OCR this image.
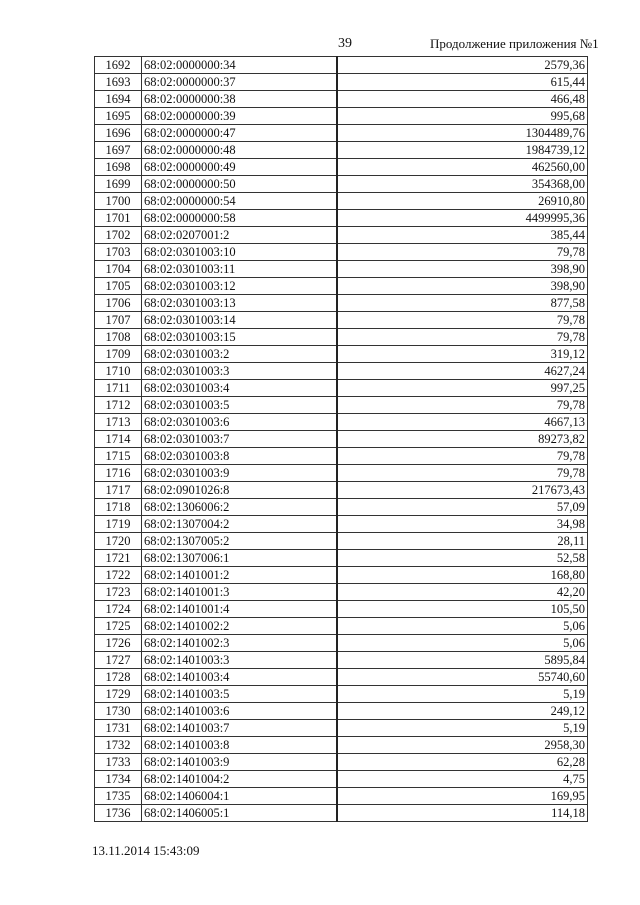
39	Продолжение приложения №1
1692	68:02:0000000:34	2579,36
1693	68:02:0000000:37	615,44
1694	68:02:0000000:38	466,48
1695	68:02:0000000:39	995,68
1696	68:02:0000000:47	1304489,76
1697	68:02:0000000:48	1984739,12
1698	68:02:0000000:49	462560,00
1699	68:02:0000000:50	354368,00
1700	68:02:0000000:54	26910,80
1701	68:02:0000000:58	4499995,36
1702	68:02:0207001:2	385,44
1703	68:02:0301003:10	79,78
1704	68:02:0301003:11	398,90
1705	68:02:0301003:12	398,90
1706	68:02:0301003:13	877,58
1707	68:02:0301003:14	79,78
1708	68:02:0301003:15	79,78
1709	68:02:0301003:2	319,12
1710	68:02:0301003:3	4627,24
1711	68:02:0301003:4	997,25
1712	68:02:0301003:5	79,78
1713	68:02:0301003:6	4667,13
1714	68:02:0301003:7	89273,82
1715	68:02:0301003:8	79,78
1716	68:02:0301003:9	79,78
1717	68:02:0901026:8	217673,43
1718	68:02:1306006:2	57,09
1719	68:02:1307004:2	34,98
1720	68:02:1307005:2	28,11
1721	68:02:1307006:1	52,58
1722	68:02:1401001:2	168,80
1723	68:02:1401001:3	42,20
1724	68:02:1401001:4	105,50
1725	68:02:1401002:2	5,06
1726	68:02:1401002:3	5,06
1727	68:02:1401003:3	5895,84
1728	68:02:1401003:4	55740,60
1729	68:02:1401003:5	5,19
1730	68:02:1401003:6	249,12
1731	68:02:1401003:7	5,19
1732	68:02:1401003:8	2958,30
1733	68:02:1401003:9	62,28
1734	68:02:1401004:2	4,75
1735	68:02:1406004:1	169,95
1736	68:02:1406005:1	114,18
13.11.2014 15:43:09
